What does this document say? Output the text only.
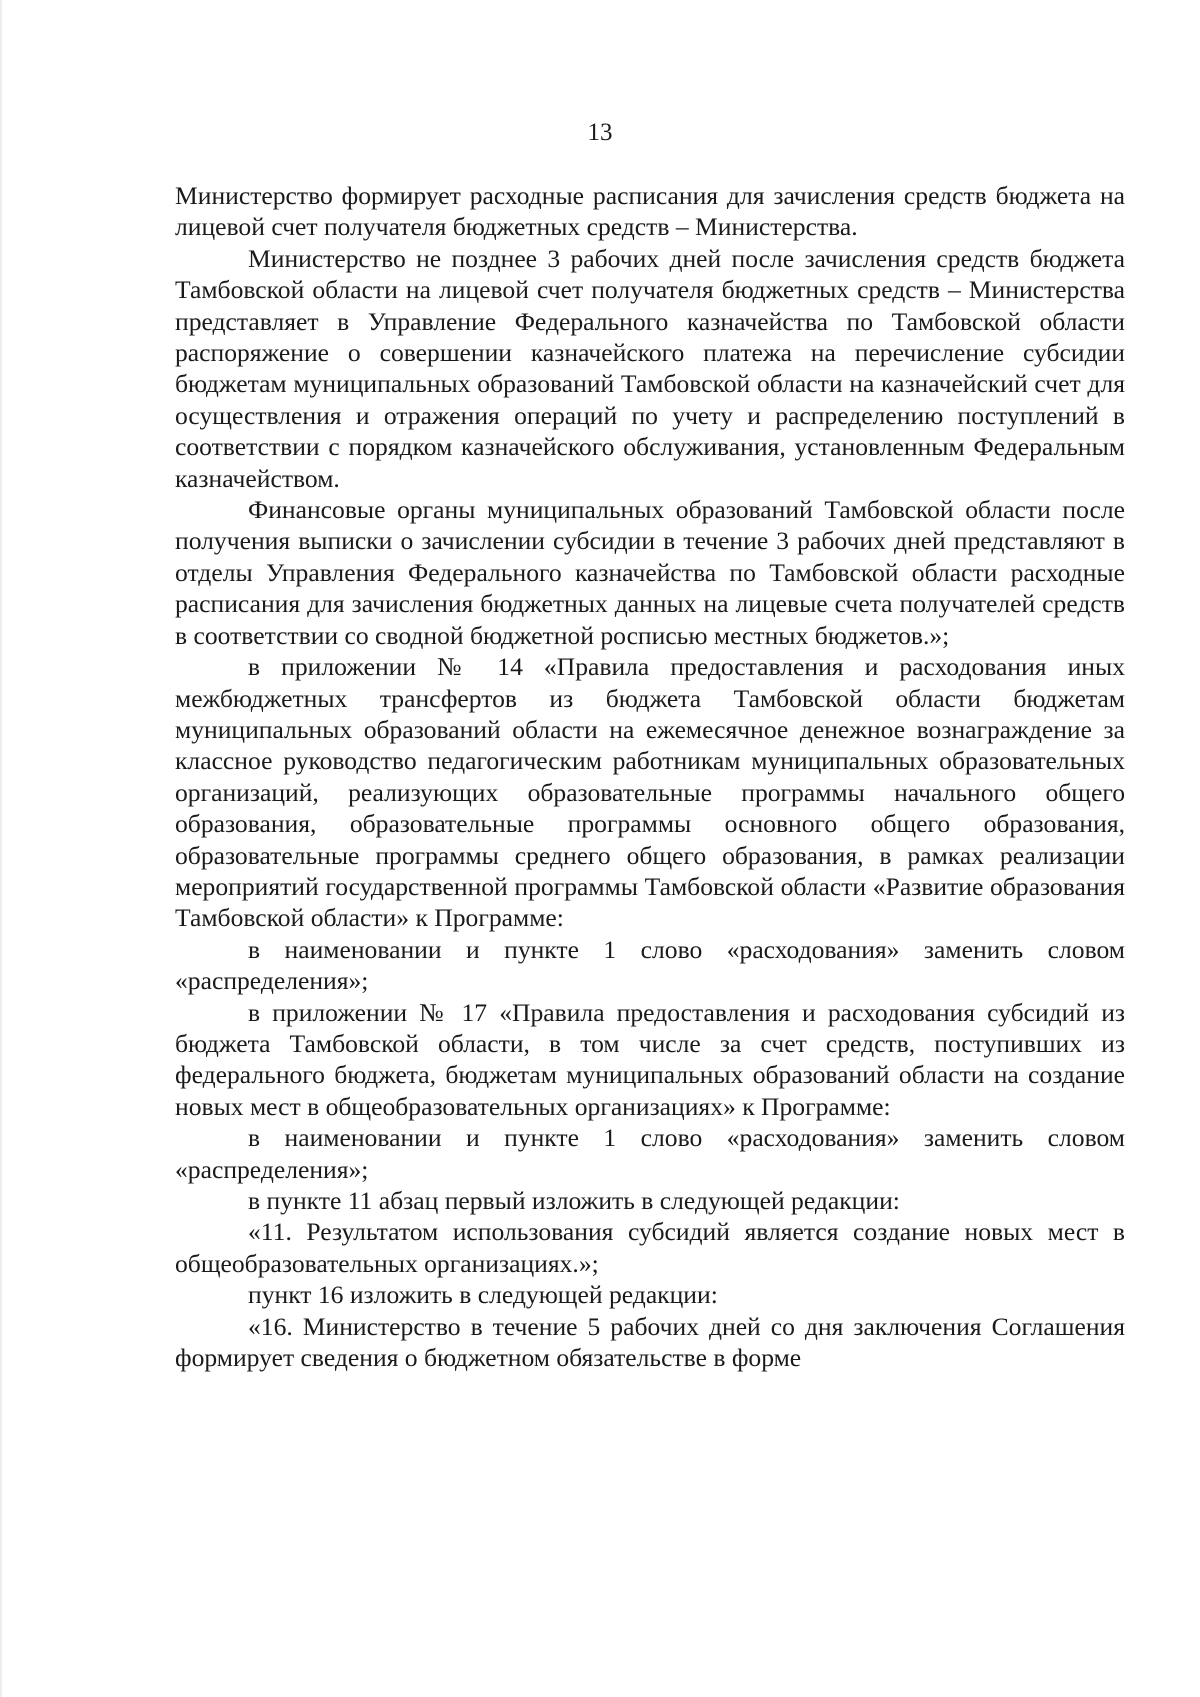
13

Министерство формирует расходные расписания для зачисления средств бюджета на лицевой счет получателя бюджетных средств – Министерства.

Министерство не позднее 3 рабочих дней после зачисления средств бюджета Тамбовской области на лицевой счет получателя бюджетных средств – Министерства представляет в Управление Федерального казначейства по Тамбовской области распоряжение о совершении казначейского платежа на перечисление субсидии бюджетам муниципальных образований Тамбовской области на казначейский счет для осуществления и отражения операций по учету и распределению поступлений в соответствии с порядком казначейского обслуживания, установленным Федеральным казначейством.

Финансовые органы муниципальных образований Тамбовской области после получения выписки о зачислении субсидии в течение 3 рабочих дней представляют в отделы Управления Федерального казначейства по Тамбовской области расходные расписания для зачисления бюджетных данных на лицевые счета получателей средств в соответствии со сводной бюджетной росписью местных бюджетов.»;

в приложении № 14 «Правила предоставления и расходования иных межбюджетных трансфертов из бюджета Тамбовской области бюджетам муниципальных образований области на ежемесячное денежное вознаграждение за классное руководство педагогическим работникам муниципальных образовательных организаций, реализующих образовательные программы начального общего образования, образовательные программы основного общего образования, образовательные программы среднего общего образования, в рамках реализации мероприятий государственной программы Тамбовской области «Развитие образования Тамбовской области» к Программе:

в наименовании и пункте 1 слово «расходования» заменить словом «распределения»;

в приложении № 17 «Правила предоставления и расходования субсидий из бюджета Тамбовской области, в том числе за счет средств, поступивших из федерального бюджета, бюджетам муниципальных образований области на создание новых мест в общеобразовательных организациях» к Программе:

в наименовании и пункте 1 слово «расходования» заменить словом «распределения»;

в пункте 11 абзац первый изложить в следующей редакции:

«11. Результатом использования субсидий является создание новых мест в общеобразовательных организациях.»;

пункт 16 изложить в следующей редакции:

«16. Министерство в течение 5 рабочих дней со дня заключения Соглашения формирует сведения о бюджетном обязательстве в форме
